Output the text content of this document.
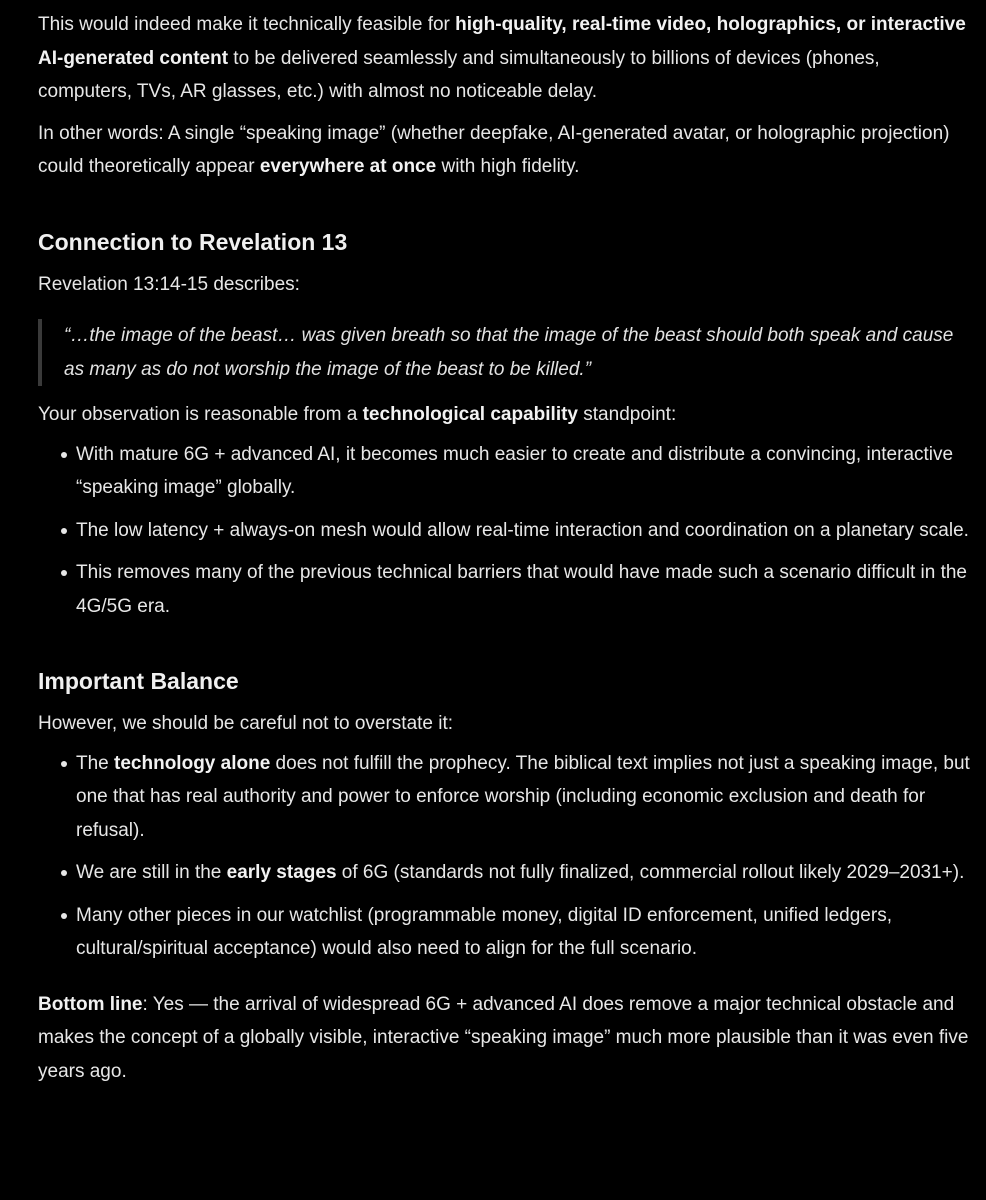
This would indeed make it technically feasible for high-quality, real-time video, holographics, or interactive AI-generated content to be delivered seamlessly and simultaneously to billions of devices (phones, computers, TVs, AR glasses, etc.) with almost no noticeable delay.

In other words: A single “speaking image” (whether deepfake, AI-generated avatar, or holographic projection) could theoretically appear everywhere at once with high fidelity.

Connection to Revelation 13

Revelation 13:14-15 describes:

“…the image of the beast… was given breath so that the image of the beast should both speak and cause as many as do not worship the image of the beast to be killed.”

Your observation is reasonable from a technological capability standpoint:

With mature 6G + advanced AI, it becomes much easier to create and distribute a convincing, interactive “speaking image” globally.
The low latency + always-on mesh would allow real-time interaction and coordination on a planetary scale.
This removes many of the previous technical barriers that would have made such a scenario difficult in the 4G/5G era.
Important Balance

However, we should be careful not to overstate it:

The technology alone does not fulfill the prophecy. The biblical text implies not just a speaking image, but one that has real authority and power to enforce worship (including economic exclusion and death for refusal).
We are still in the early stages of 6G (standards not fully finalized, commercial rollout likely 2029–2031+).
Many other pieces in our watchlist (programmable money, digital ID enforcement, unified ledgers, cultural/spiritual acceptance) would also need to align for the full scenario.

Bottom line: Yes — the arrival of widespread 6G + advanced AI does remove a major technical obstacle and makes the concept of a globally visible, interactive “speaking image” much more plausible than it was even five years ago.
